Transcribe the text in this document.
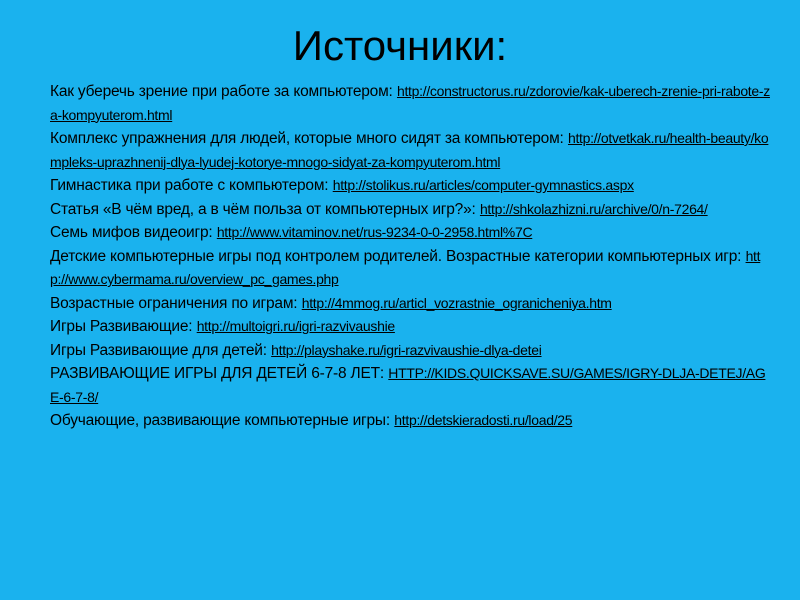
Источники:
Как уберечь зрение при работе за компьютером: http://constructorus.ru/zdorovie/kak-uberech-zrenie-pri-rabote-za-kompyuterom.html
Комплекс упражнения для людей, которые много сидят за компьютером: http://otvetkak.ru/health-beauty/kompleks-uprazhnenij-dlya-lyudej-kotorye-mnogo-sidyat-za-kompyuterom.html
Гимнастика при работе с компьютером: http://stolikus.ru/articles/computer-gymnastics.aspx
Статья «В чём вред, а в чём польза от компьютерных игр?»: http://shkolazhizni.ru/archive/0/n-7264/
Семь мифов видеоигр: http://www.vitaminov.net/rus-9234-0-0-2958.html%7C
Детские компьютерные игры под контролем родителей. Возрастные категории компьютерных игр: http://www.cybermama.ru/overview_pc_games.php
Возрастные ограничения по играм: http://4mmog.ru/articl_vozrastnie_ogranicheniya.htm
Игры Развивающие: http://multoigri.ru/igri-razvivaushie
Игры Развивающие для детей: http://playshake.ru/igri-razvivaushie-dlya-detei
РАЗВИВАЮЩИЕ ИГРЫ ДЛЯ ДЕТЕЙ 6-7-8 ЛЕТ: HTTP://KIDS.QUICKSAVE.SU/GAMES/IGRY-DLJA-DETEJ/AGE-6-7-8/
Обучающие, развивающие компьютерные игры: http://detskieradosti.ru/load/25
